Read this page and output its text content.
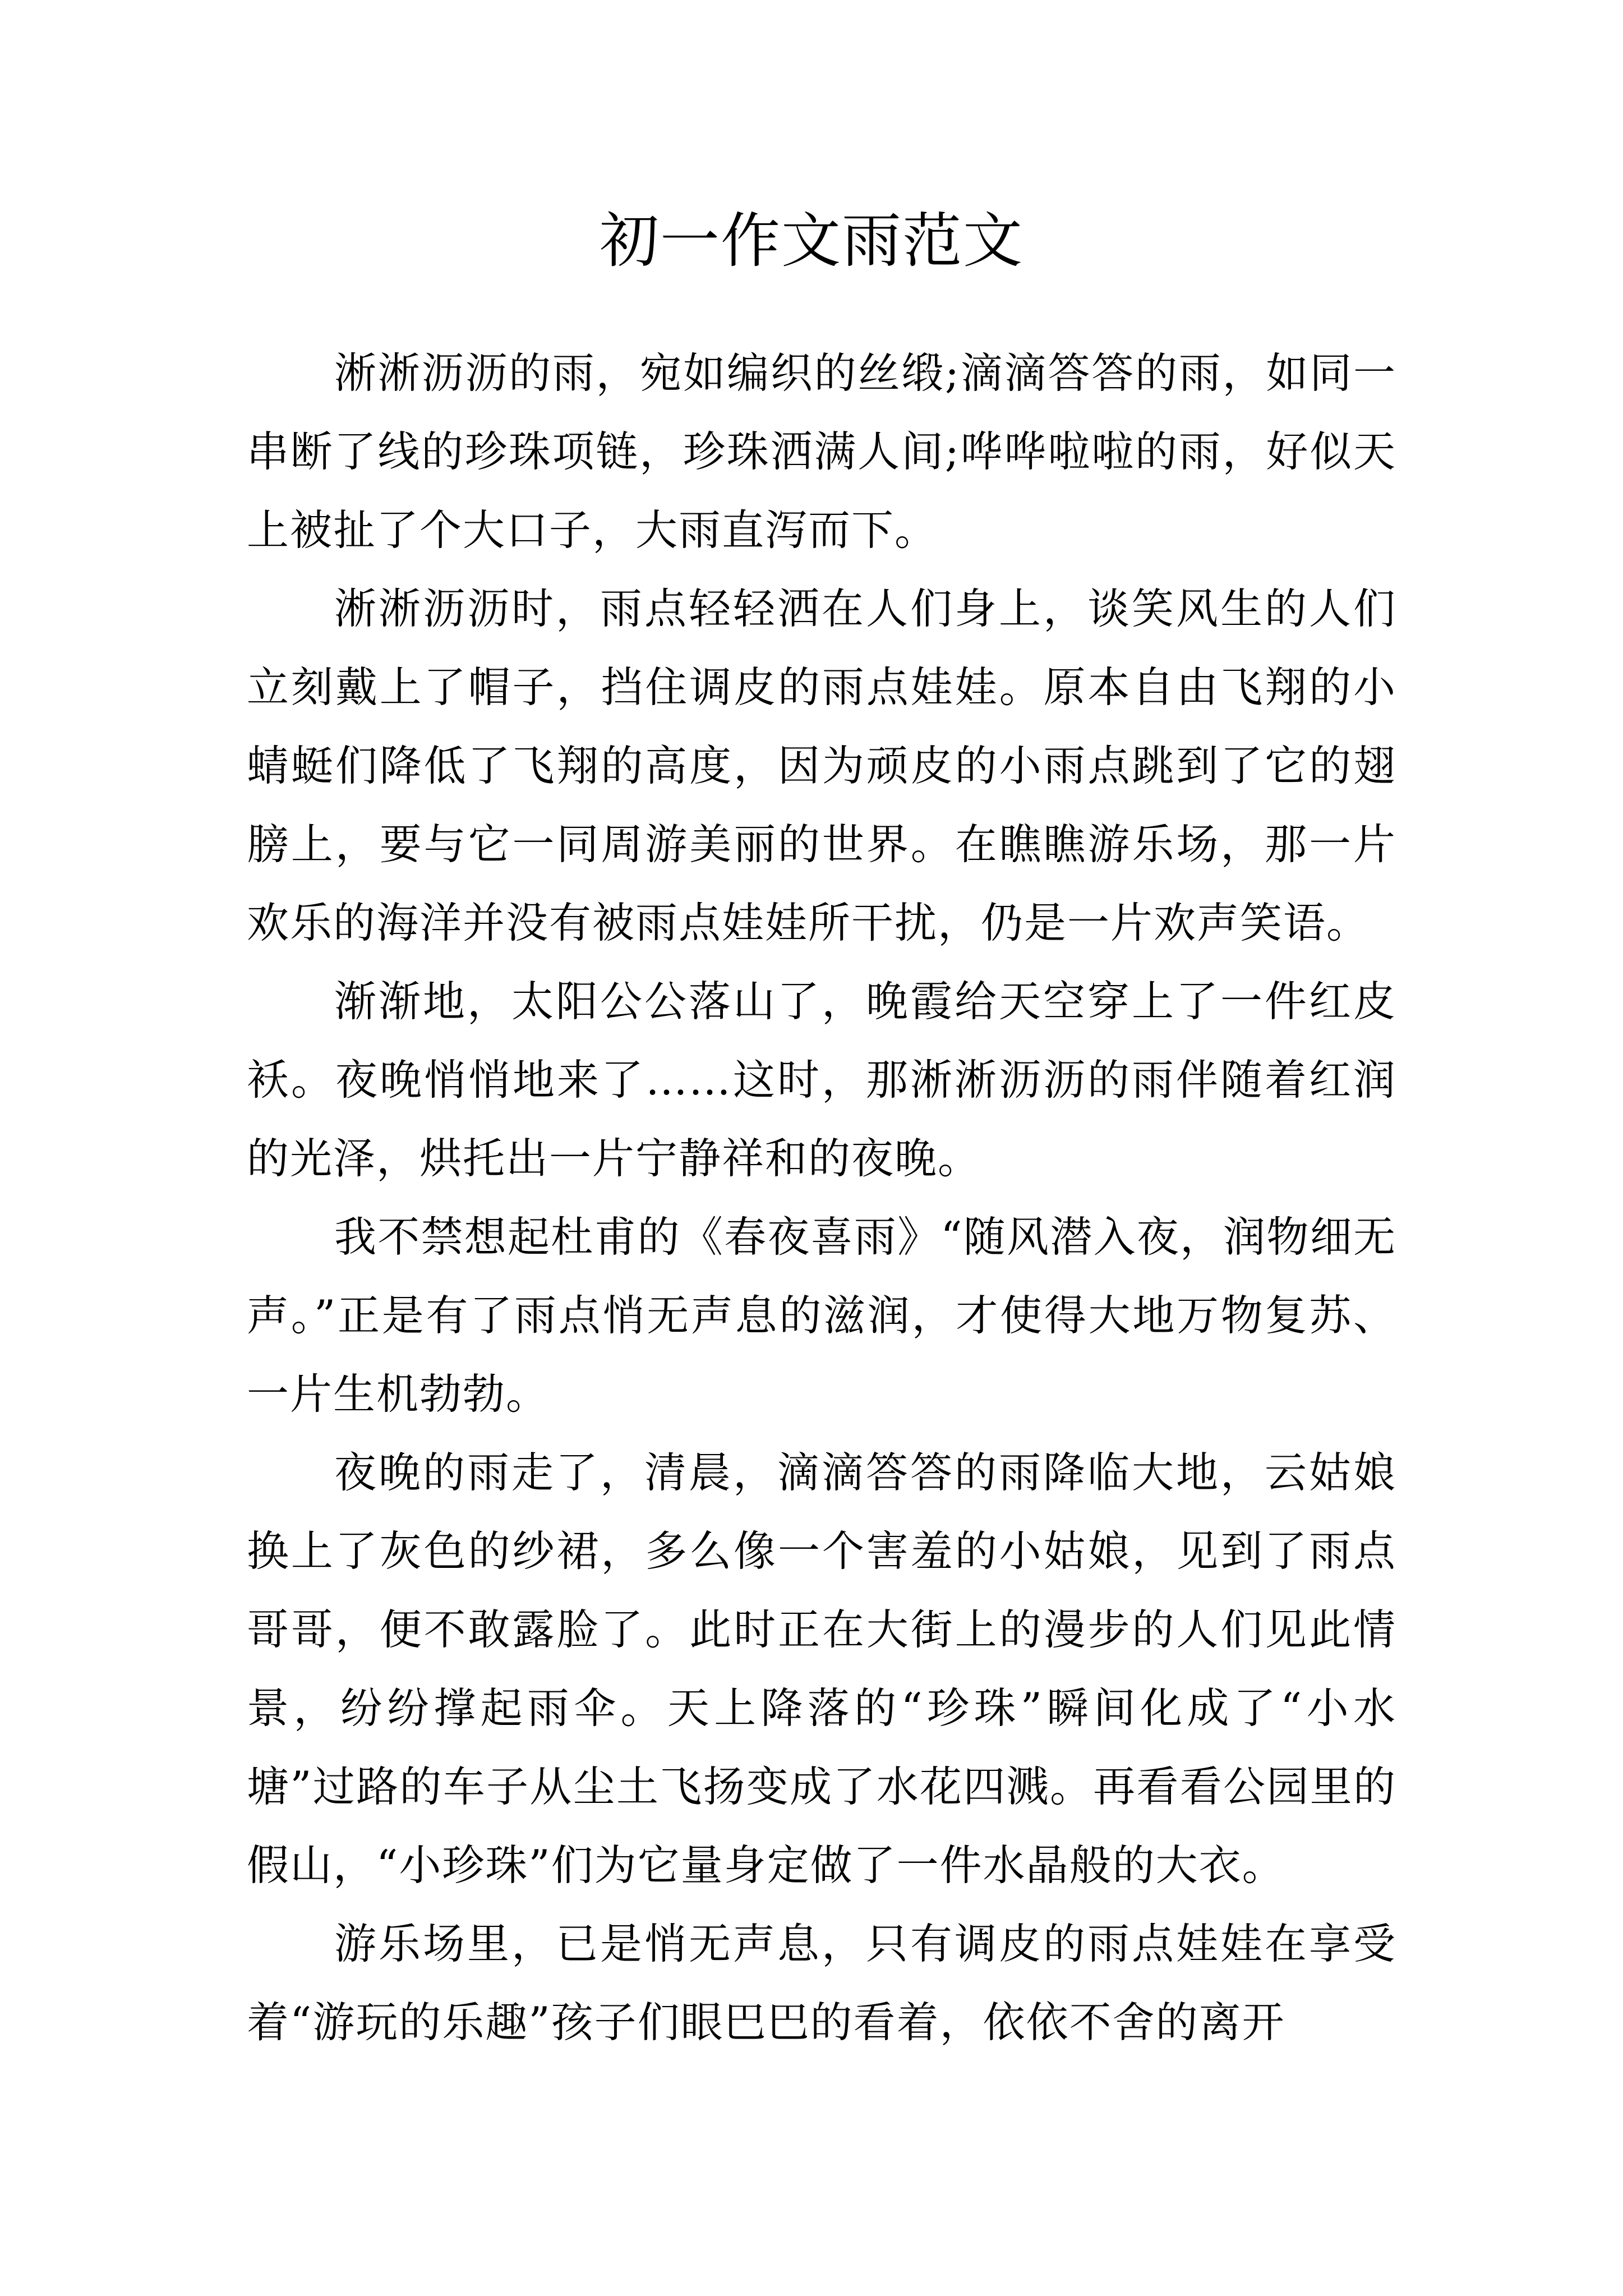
初一作文雨范文

淅淅沥沥的雨，宛如编织的丝缎;滴滴答答的雨，如同一串断了线的珍珠项链，珍珠洒满人间;哗哗啦啦的雨，好似天上被扯了个大口子，大雨直泻而下。

淅淅沥沥时，雨点轻轻洒在人们身上，谈笑风生的人们立刻戴上了帽子，挡住调皮的雨点娃娃。原本自由飞翔的小蜻蜓们降低了飞翔的高度，因为顽皮的小雨点跳到了它的翅膀上，要与它一同周游美丽的世界。在瞧瞧游乐场，那一片欢乐的海洋并没有被雨点娃娃所干扰，仍是一片欢声笑语。

渐渐地，太阳公公落山了，晚霞给天空穿上了一件红皮袄。夜晚悄悄地来了……这时，那淅淅沥沥的雨伴随着红润的光泽，烘托出一片宁静祥和的夜晚。

我不禁想起杜甫的《春夜喜雨》“随风潜入夜，润物细无声。”正是有了雨点悄无声息的滋润，才使得大地万物复苏、一片生机勃勃。

夜晚的雨走了，清晨，滴滴答答的雨降临大地，云姑娘换上了灰色的纱裙，多么像一个害羞的小姑娘，见到了雨点哥哥，便不敢露脸了。此时正在大街上的漫步的人们见此情景，纷纷撑起雨伞。天上降落的“珍珠”瞬间化成了“小水塘”过路的车子从尘土飞扬变成了水花四溅。再看看公园里的假山，“小珍珠”们为它量身定做了一件水晶般的大衣。

游乐场里，已是悄无声息，只有调皮的雨点娃娃在享受着“游玩的乐趣”孩子们眼巴巴的看着，依依不舍的离开
